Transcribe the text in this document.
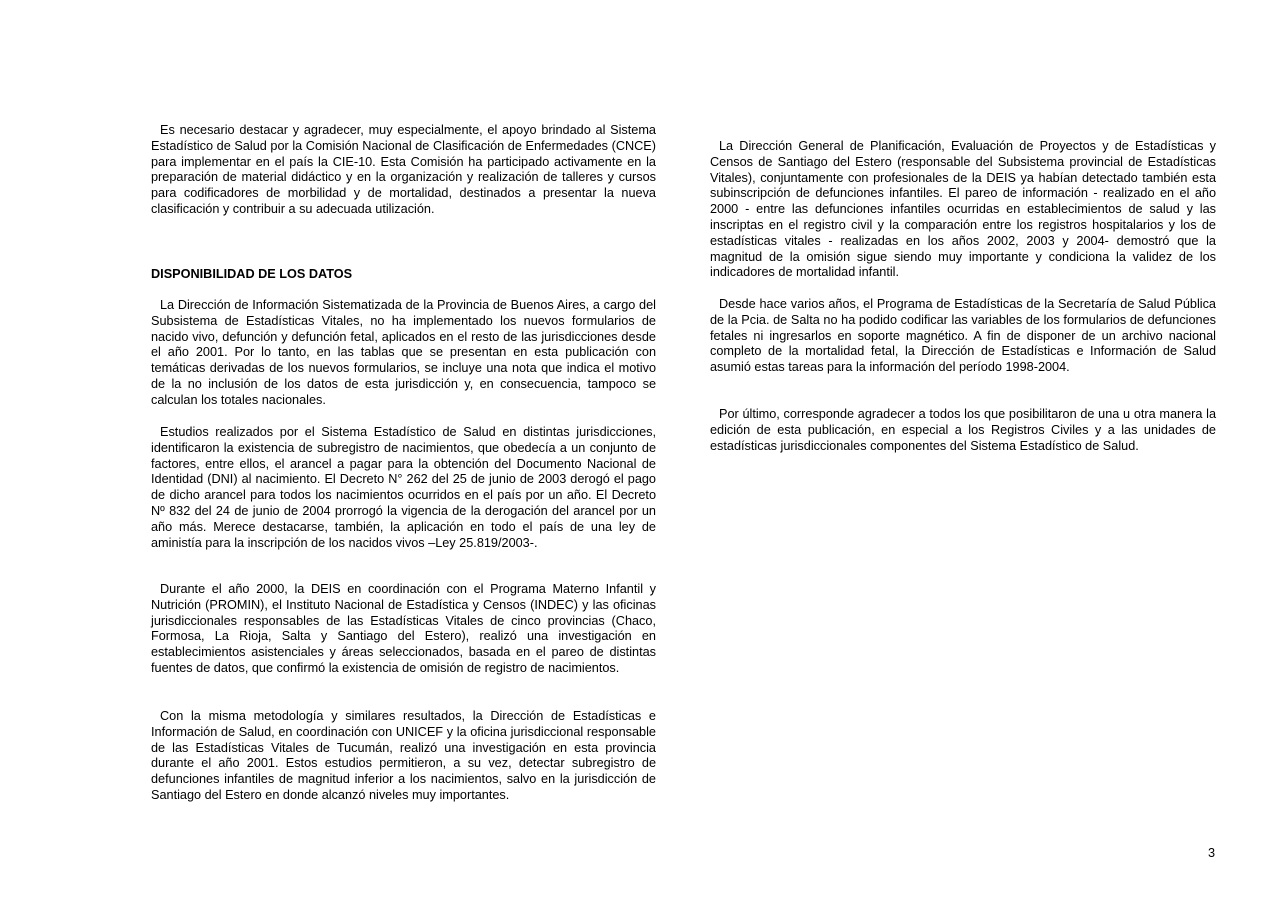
Es necesario destacar y agradecer, muy especialmente, el apoyo brindado al Sistema Estadístico de Salud por la Comisión Nacional de Clasificación de Enfermedades (CNCE) para implementar en el país la CIE-10. Esta Comisión ha participado activamente en la preparación de material didáctico y en la organización y realización de talleres y cursos para codificadores de morbilidad y de mortalidad, destinados a presentar la nueva clasificación y contribuir a su adecuada utilización.

DISPONIBILIDAD DE LOS DATOS

La Dirección de Información Sistematizada de la Provincia de Buenos Aires, a cargo del Subsistema de Estadísticas Vitales, no ha implementado los nuevos formularios de nacido vivo, defunción y defunción fetal, aplicados en el resto de las jurisdicciones desde el año 2001. Por lo tanto, en las tablas que se presentan en esta publicación con temáticas derivadas de los nuevos formularios, se incluye una nota que indica el motivo de la no inclusión de los datos de esta jurisdicción y, en consecuencia, tampoco se calculan los totales nacionales.

Estudios realizados por el Sistema Estadístico de Salud en distintas jurisdicciones, identificaron la existencia de subregistro de nacimientos, que obedecía a un conjunto de factores, entre ellos, el arancel a pagar para la obtención del Documento Nacional de Identidad (DNI) al nacimiento. El Decreto N° 262 del 25 de junio de 2003 derogó el pago de dicho arancel para todos los nacimientos ocurridos en el país por un año. El Decreto Nº 832 del 24 de junio de 2004 prorrogó la vigencia de la derogación del arancel por un año más. Merece destacarse, también, la aplicación en todo el país de una ley de aministía para la inscripción de los nacidos vivos –Ley 25.819/2003-.

Durante el año 2000, la DEIS en coordinación con el Programa Materno Infantil y Nutrición (PROMIN), el Instituto Nacional de Estadística y Censos (INDEC) y las oficinas jurisdiccionales responsables de las Estadísticas Vitales de cinco provincias (Chaco, Formosa, La Rioja, Salta y Santiago del Estero), realizó una investigación en establecimientos asistenciales y áreas seleccionados, basada en el pareo de distintas fuentes de datos, que confirmó la existencia de omisión de registro de nacimientos.

Con la misma metodología y similares resultados, la Dirección de Estadísticas e Información de Salud, en coordinación con UNICEF y la oficina jurisdiccional responsable de las Estadísticas Vitales de Tucumán, realizó una investigación en esta provincia durante el año 2001. Estos estudios permitieron, a su vez, detectar subregistro de defunciones infantiles de magnitud inferior a los nacimientos, salvo en la jurisdicción de Santiago del Estero en donde alcanzó niveles muy importantes.

La Dirección General de Planificación, Evaluación de Proyectos y de Estadísticas y Censos de Santiago del Estero (responsable del Subsistema provincial de Estadísticas Vitales), conjuntamente con profesionales de la DEIS ya habían detectado también esta subinscripción de defunciones infantiles. El pareo de información - realizado en el año 2000 - entre las defunciones infantiles ocurridas en establecimientos de salud y las inscriptas en el registro civil y la comparación entre los registros hospitalarios y los de estadísticas vitales - realizadas en los años 2002, 2003 y 2004- demostró que la magnitud de la omisión sigue siendo muy importante y condiciona la validez de los indicadores de mortalidad infantil.

Desde hace varios años, el Programa de Estadísticas de la Secretaría de Salud Pública de la Pcia. de Salta no ha podido codificar las variables de los formularios de defunciones fetales ni ingresarlos en soporte magnético. A fin de disponer de un archivo nacional completo de la mortalidad fetal, la Dirección de Estadísticas e Información de Salud asumió estas tareas para la información del período 1998-2004.

Por último, corresponde agradecer a todos los que posibilitaron de una u otra manera la edición de esta publicación, en especial a los Registros Civiles y a las unidades de estadísticas jurisdiccionales componentes del Sistema Estadístico de Salud.

3
